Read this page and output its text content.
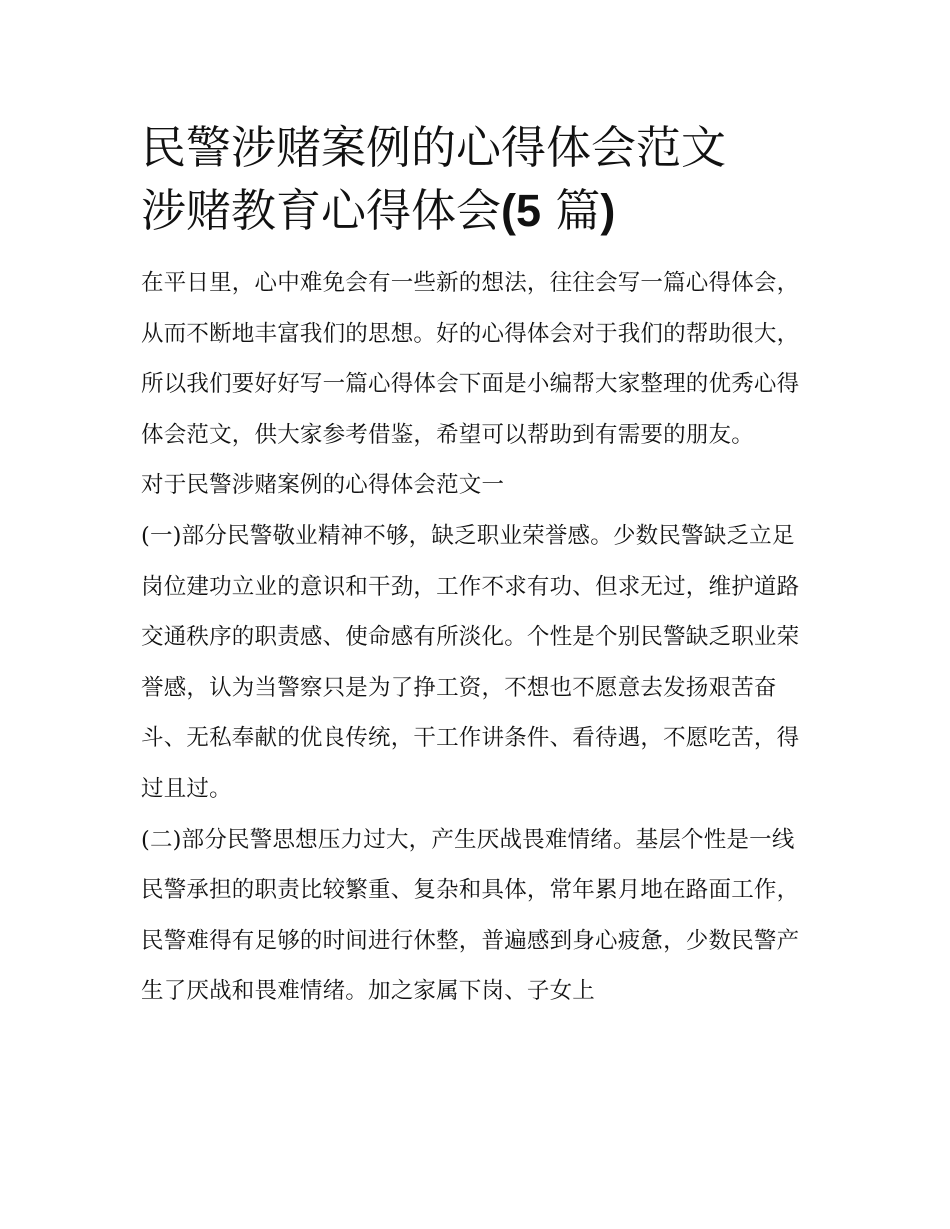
民警涉赌案例的心得体会范文
涉赌教育心得体会(5 篇)

在平日里，心中难免会有一些新的想法，往往会写一篇心得体会，从而不断地丰富我们的思想。好的心得体会对于我们的帮助很大，所以我们要好好写一篇心得体会下面是小编帮大家整理的优秀心得体会范文，供大家参考借鉴，希望可以帮助到有需要的朋友。

对于民警涉赌案例的心得体会范文一

(一)部分民警敬业精神不够，缺乏职业荣誉感。少数民警缺乏立足岗位建功立业的意识和干劲，工作不求有功、但求无过，维护道路交通秩序的职责感、使命感有所淡化。个性是个别民警缺乏职业荣誉感，认为当警察只是为了挣工资，不想也不愿意去发扬艰苦奋斗、无私奉献的优良传统，干工作讲条件、看待遇，不愿吃苦，得过且过。

(二)部分民警思想压力过大，产生厌战畏难情绪。基层个性是一线民警承担的职责比较繁重、复杂和具体，常年累月地在路面工作，民警难得有足够的时间进行休整，普遍感到身心疲惫，少数民警产生了厌战和畏难情绪。加之家属下岗、子女上
